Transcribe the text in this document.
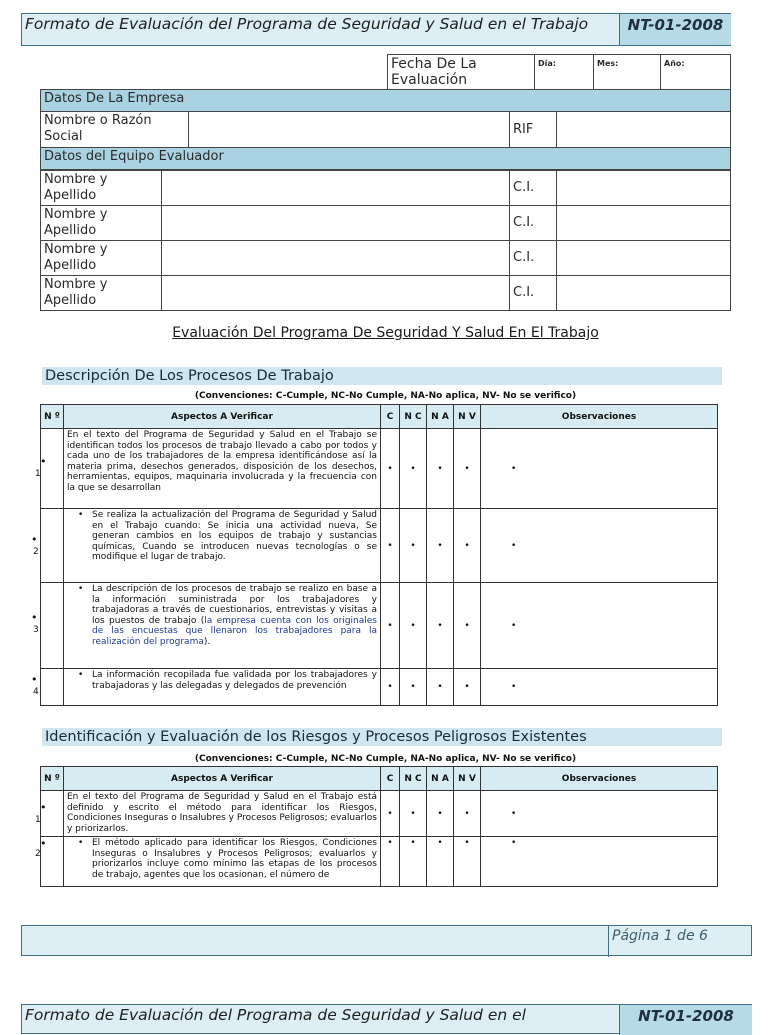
Formato de Evaluación del Programa de Seguridad y Salud en el Trabajo	NT-01-2008
Fecha De La Evaluación	Día:	Mes:	Año:
Datos De La Empresa
Nombre o Razón Social		RIF	
Datos del Equipo Evaluador
Nombre y Apellido		C.I.	
Nombre y Apellido		C.I.	
Nombre y Apellido		C.I.	
Nombre y Apellido		C.I.	
Evaluación Del Programa De Seguridad Y Salud En El Trabajo
Descripción De Los Procesos De Trabajo
(Convenciones: C-Cumple, NC-No Cumple, NA-No aplica, NV- No se verifico)
N º	Aspectos A Verificar	C	N C	N A	N V	Observaciones

•
1	En el texto del Programa de Seguridad y Salud en el Trabajo se identifican todos los procesos de trabajo llevado a cabo por todos y cada uno de los trabajadores de la empresa identificándose así la materia prima, desechos generados, disposición de los desechos, herramientas, equipos, maquinaria involucrada y la frecuencia con la que se desarrollan	•	•	•	•	•

•
2	• Se realiza la actualización del Programa de Seguridad y Salud en el Trabajo cuando: Se inicia una actividad nueva, Se generan cambios en los equipos de trabajo y sustancias químicas, Cuando se introducen nuevas tecnologías o se modifique el lugar de trabajo.	•	•	•	•	•

•
3	• La descripción de los procesos de trabajo se realizo en base a la información suministrada por los trabajadores y trabajadoras a través de cuestionarios, entrevistas y visitas a los puestos de trabajo (la empresa cuenta con los originales de las encuestas que llenaron los trabajadores para la realización del programa).	•	•	•	•	•

•
4	• La información recopilada fue validada por los trabajadores y trabajadoras y las delegadas y delegados de prevención	•	•	•	•	•
Identificación y Evaluación de los Riesgos y Procesos Peligrosos Existentes
(Convenciones: C-Cumple, NC-No Cumple, NA-No aplica, NV- No se verifico)
N º	Aspectos A Verificar	C	N C	N A	N V	Observaciones

•
1	En el texto del Programa de Seguridad y Salud en el Trabajo está definido y escrito el método para identificar los Riesgos, Condiciones Inseguras o Insalubres y Procesos Peligrosos; evaluarlos y priorizarlos.	•	•	•	•	•

•
2	• El método aplicado para identificar los Riesgos, Condiciones Inseguras o Insalubres y Procesos Peligrosos; evaluarlos y priorizarlos incluye como mínimo las etapas de los procesos de trabajo, agentes que los ocasionan, el número de	•	•	•	•	•
Página 1 de 6
Formato de Evaluación del Programa de Seguridad y Salud en el	NT-01-2008
